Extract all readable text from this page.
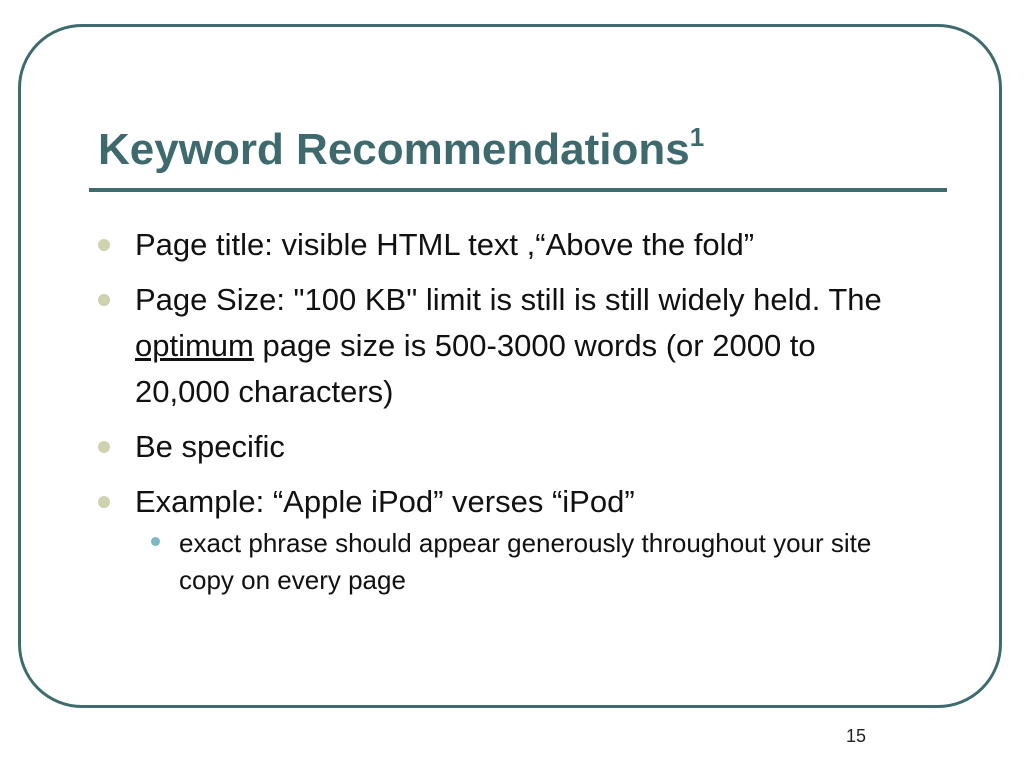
Keyword Recommendations$^1$
Page title: visible HTML text ,“Above the fold”
Page Size: "100 KB" limit is still is still widely held. The optimum page size is 500-3000 words (or 2000 to 20,000 characters)
Be specific
Example: “Apple iPod” verses “iPod”
exact phrase should appear generously throughout your site copy on every page
15
